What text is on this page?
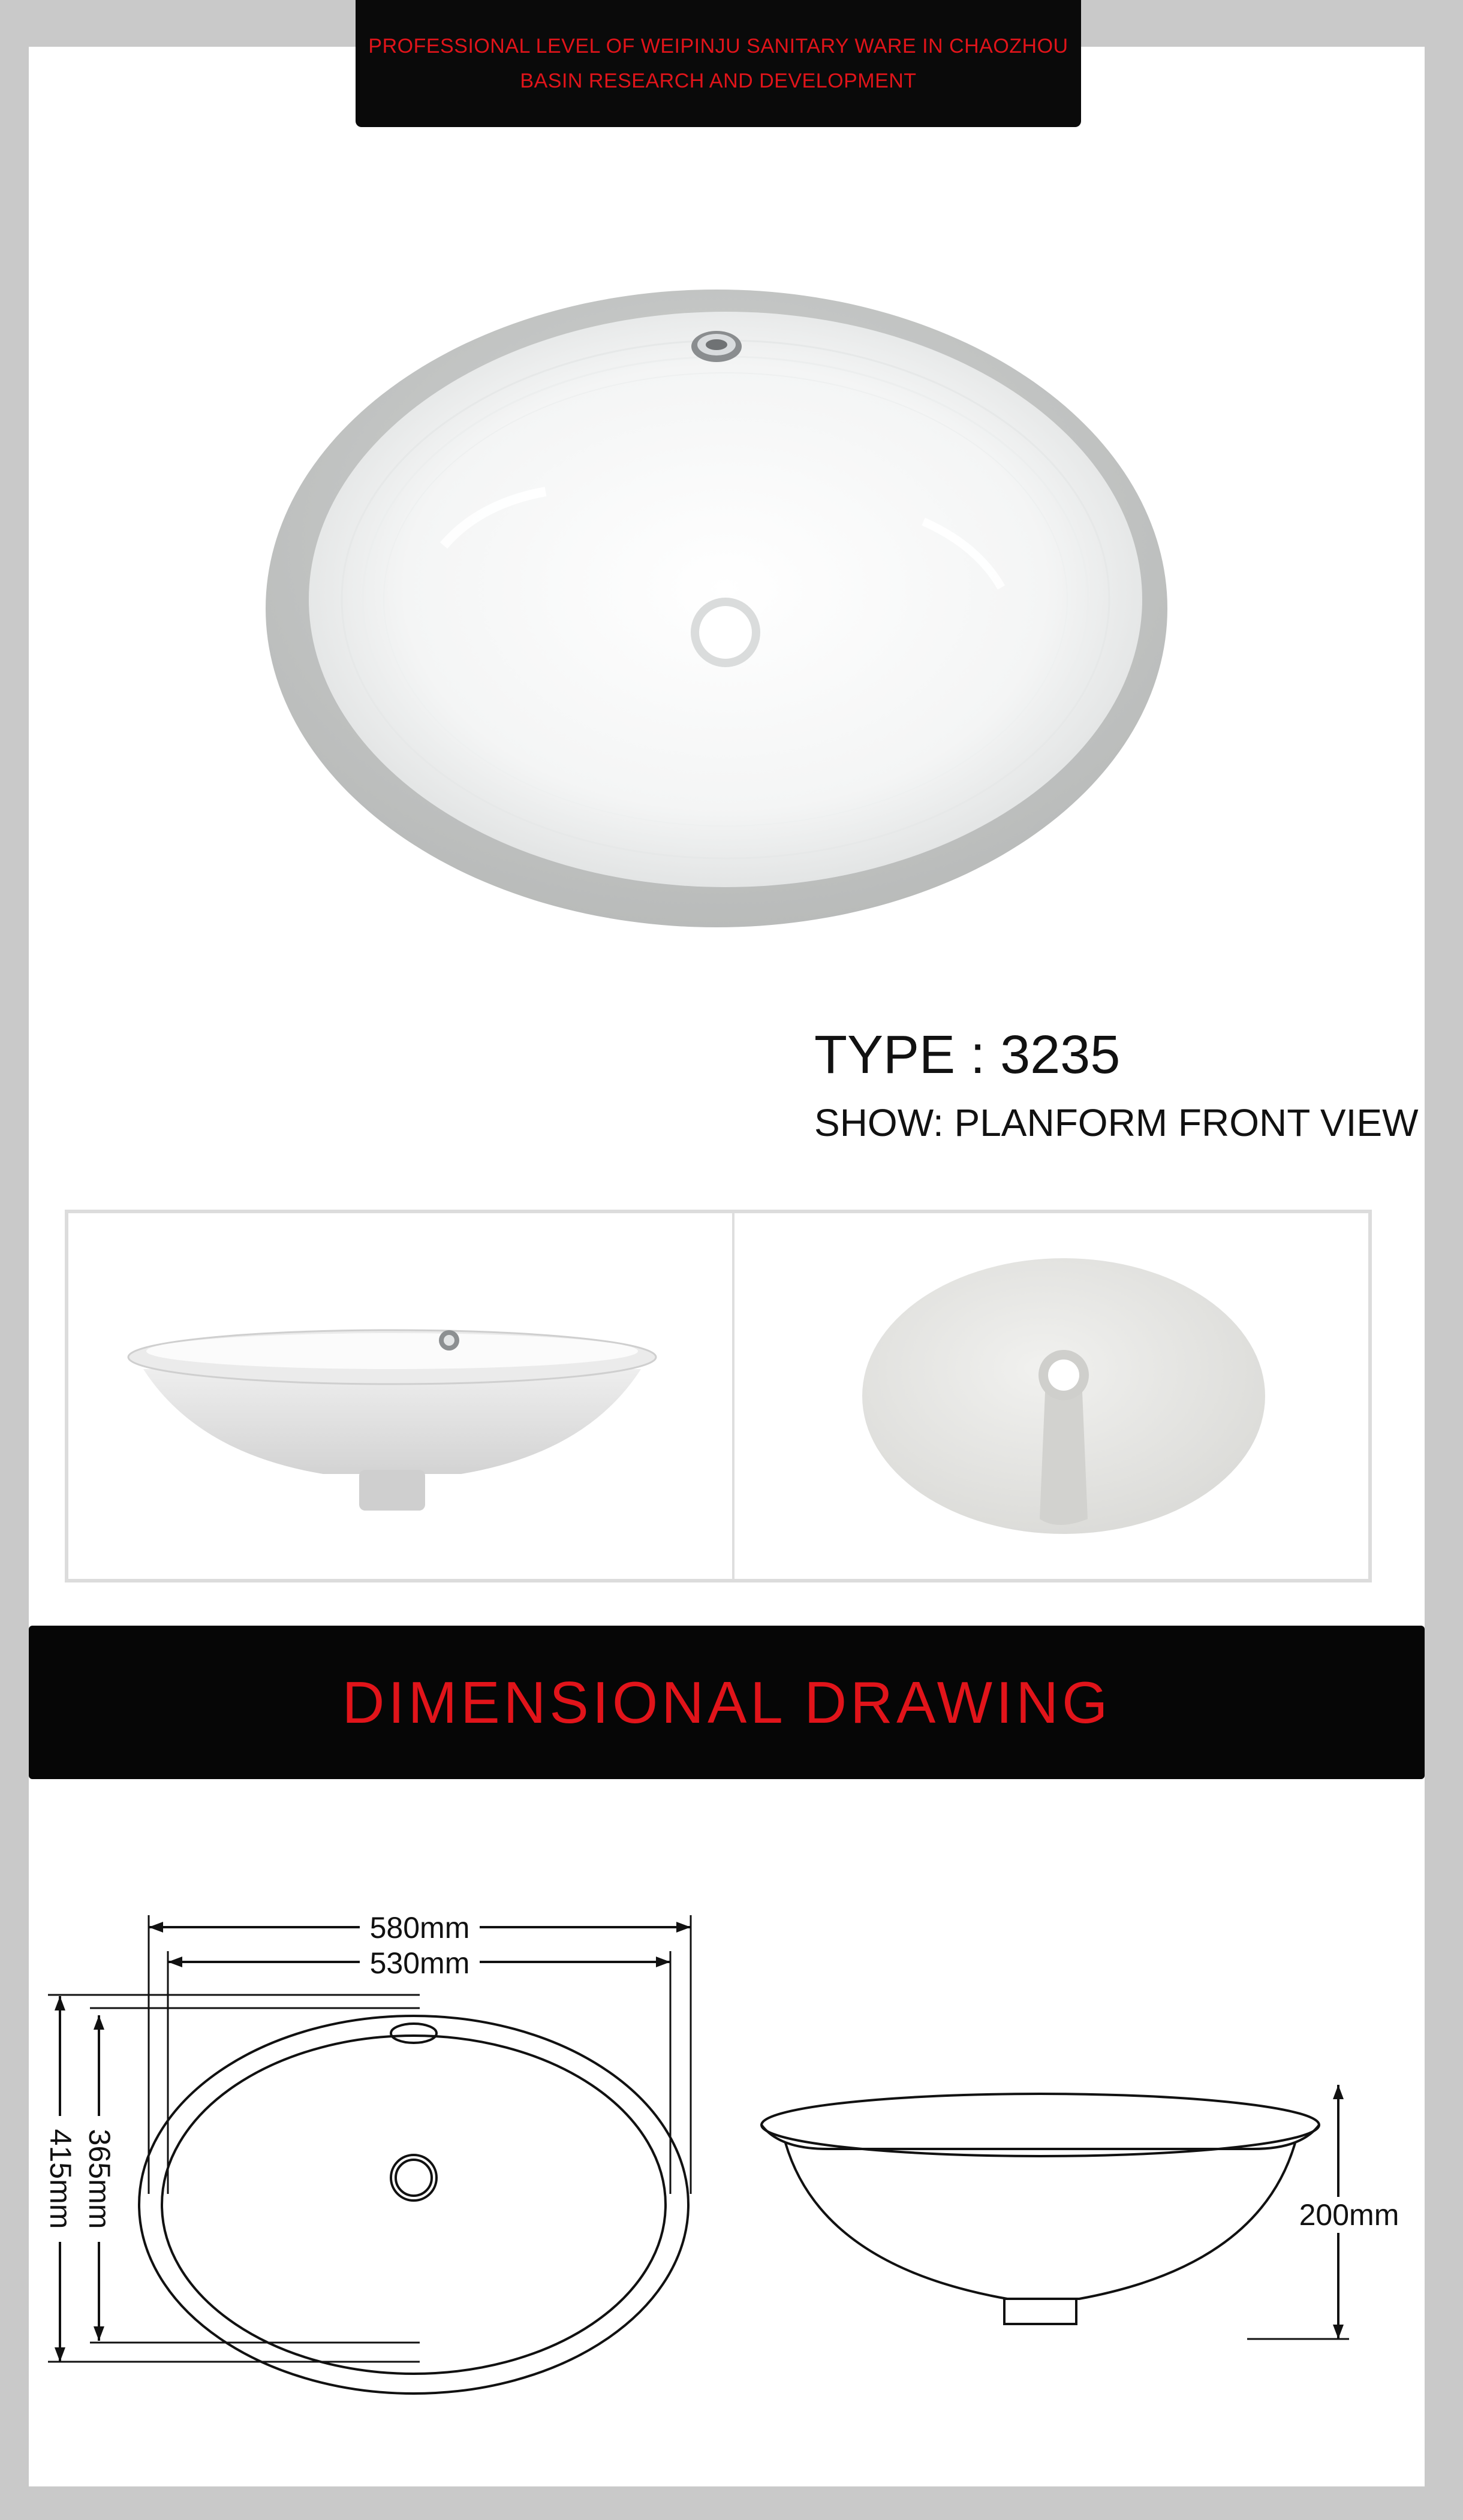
PROFESSIONAL LEVEL OF WEIPINJU SANITARY WARE IN CHAOZHOU
BASIN RESEARCH AND DEVELOPMENT
TYPE : 3235
SHOW: PLANFORM FRONT VIEW
DIMENSIONAL DRAWING
580mm
530mm
415mm 365mm	200mm
